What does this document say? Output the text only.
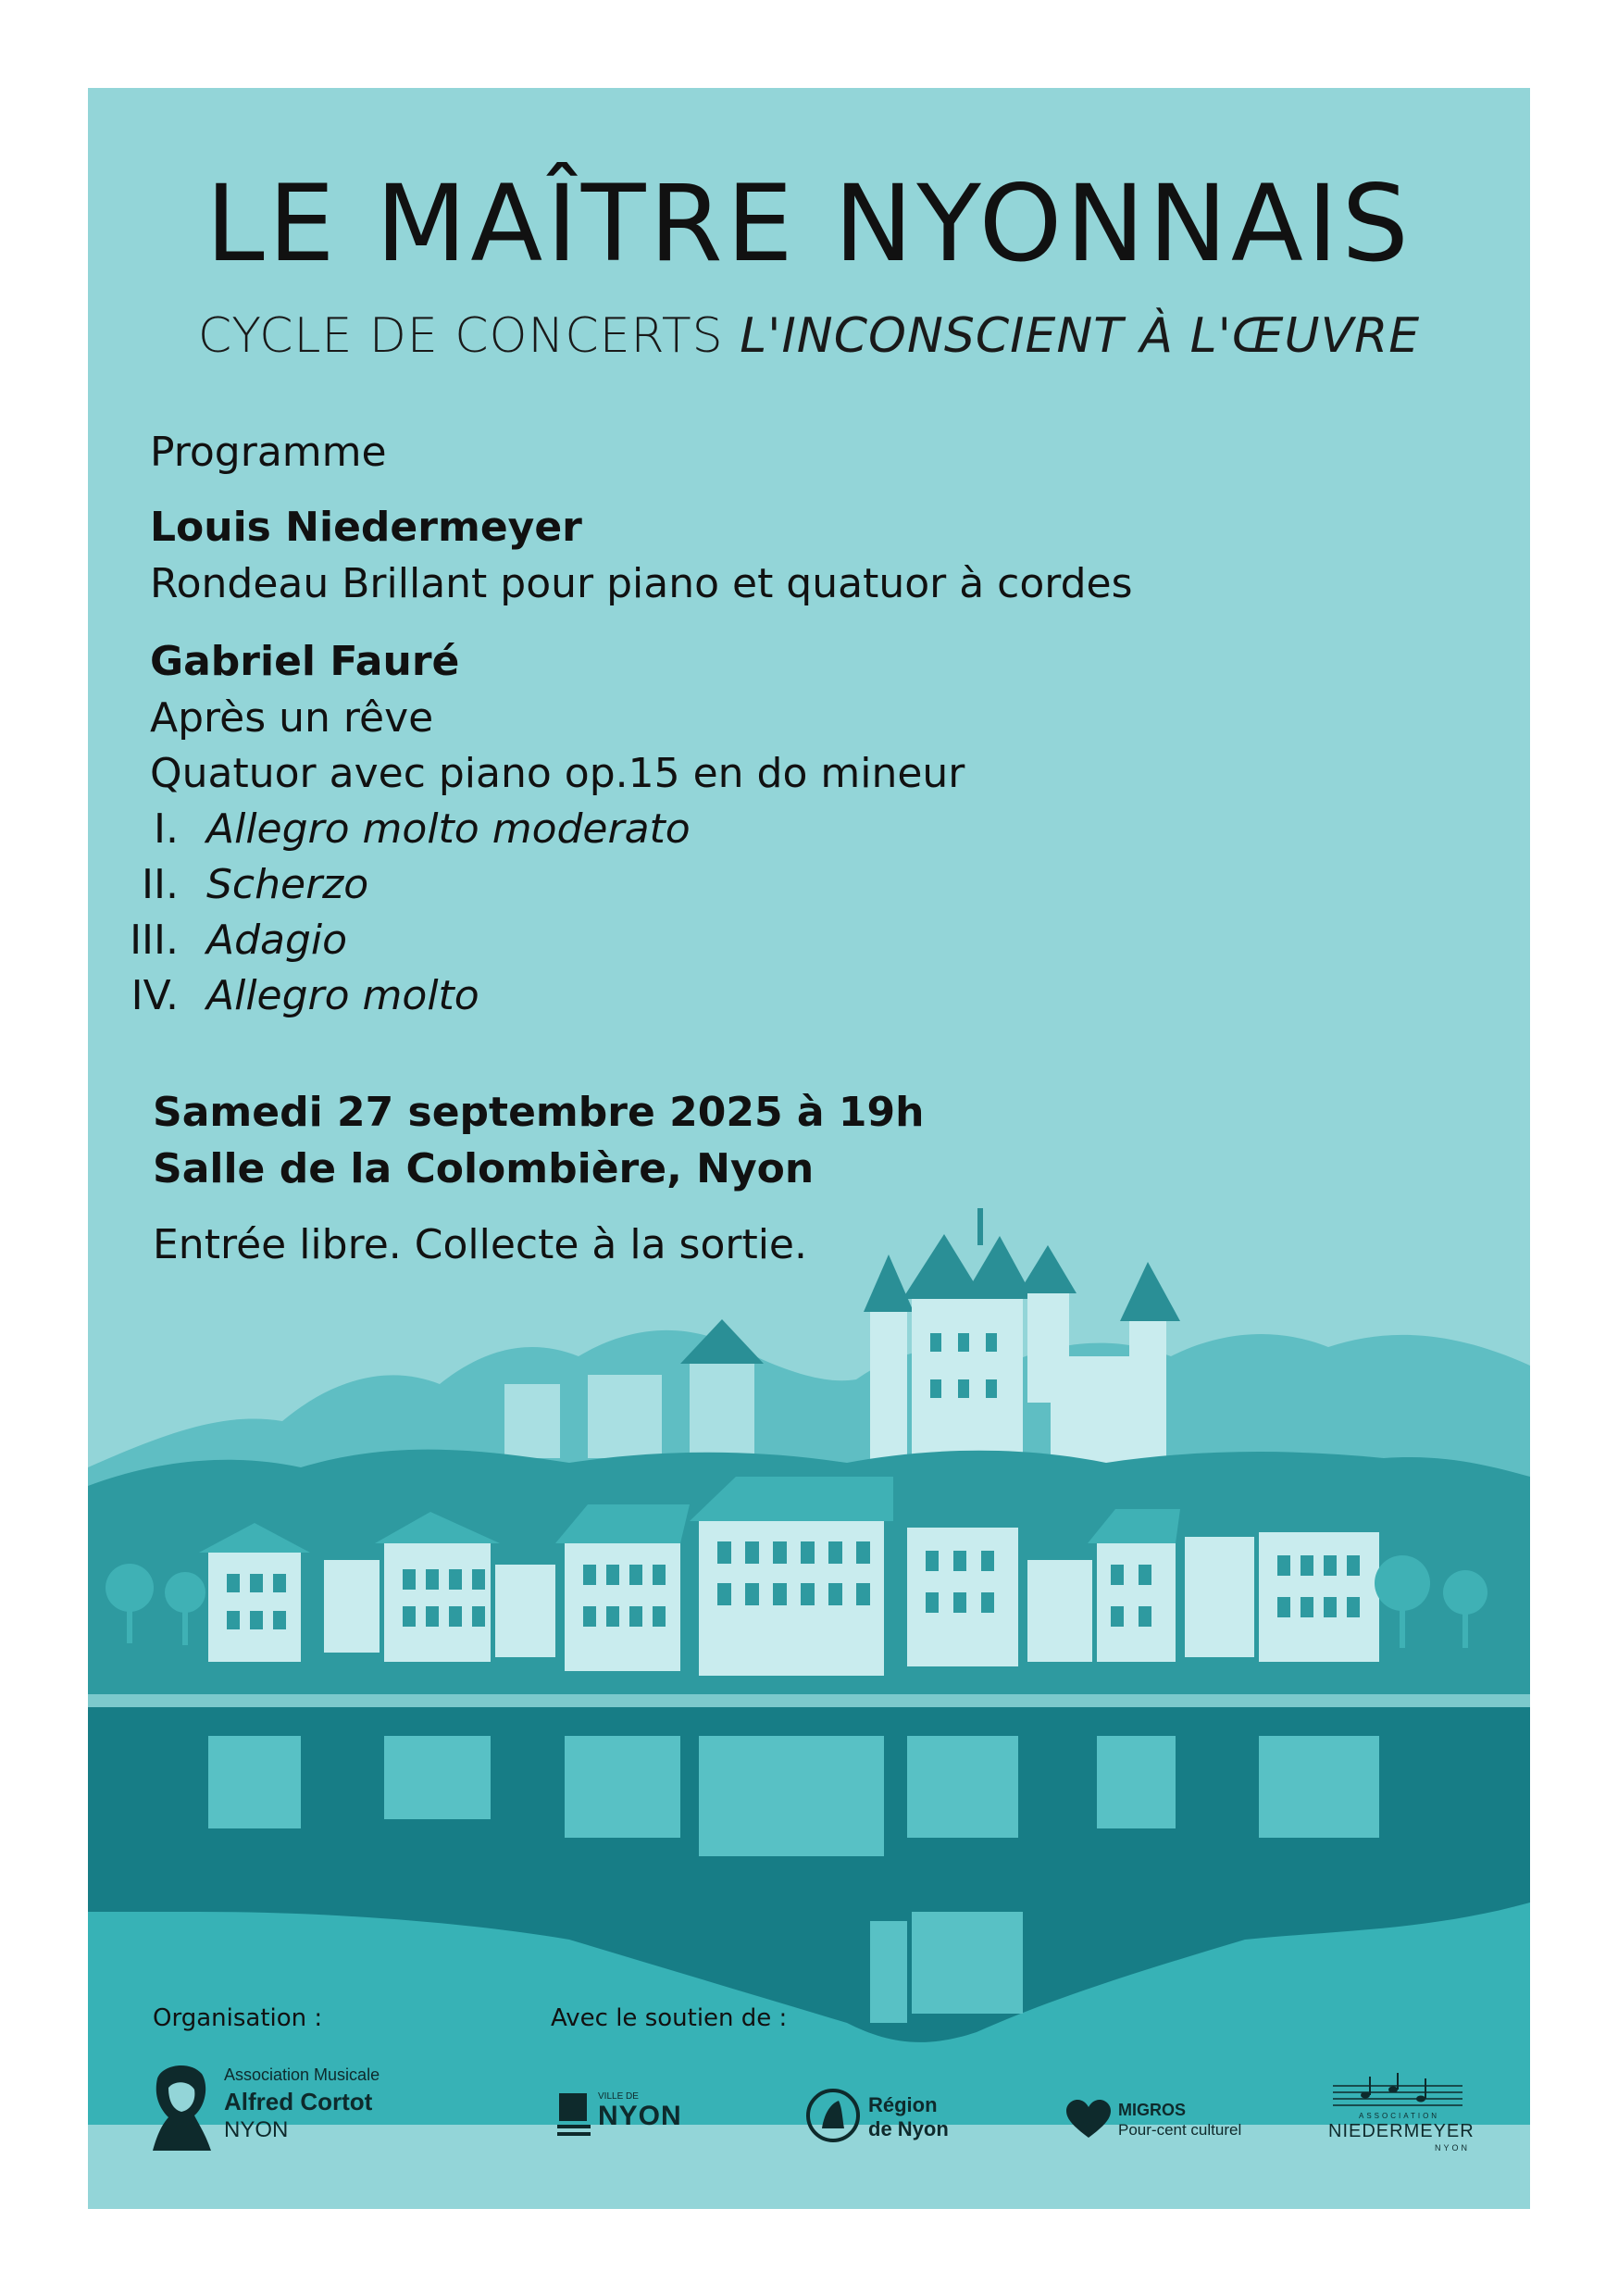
LE MAÎTRE NYONNAIS
CYCLE DE CONCERTS L'INCONSCIENT À L'ŒUVRE
Programme
Louis Niedermeyer
Rondeau Brillant pour piano et quatuor à cordes
Gabriel Fauré
Après un rêve
Quatuor avec piano op.15 en do mineur
I. Allegro molto moderato
II. Scherzo
III. Adagio
IV. Allegro molto
Samedi 27 septembre 2025 à 19h
Salle de la Colombière, Nyon
Entrée libre. Collecte à la sortie.
Organisation :	Avec le soutien de :
Association Musicale
Alfred Cortot
NYON
VILLE DE
NYON	Région
de Nyon
MIGROS
Pour-cent culturel
ASSOCIATION
NIEDERMEYER
NYON
